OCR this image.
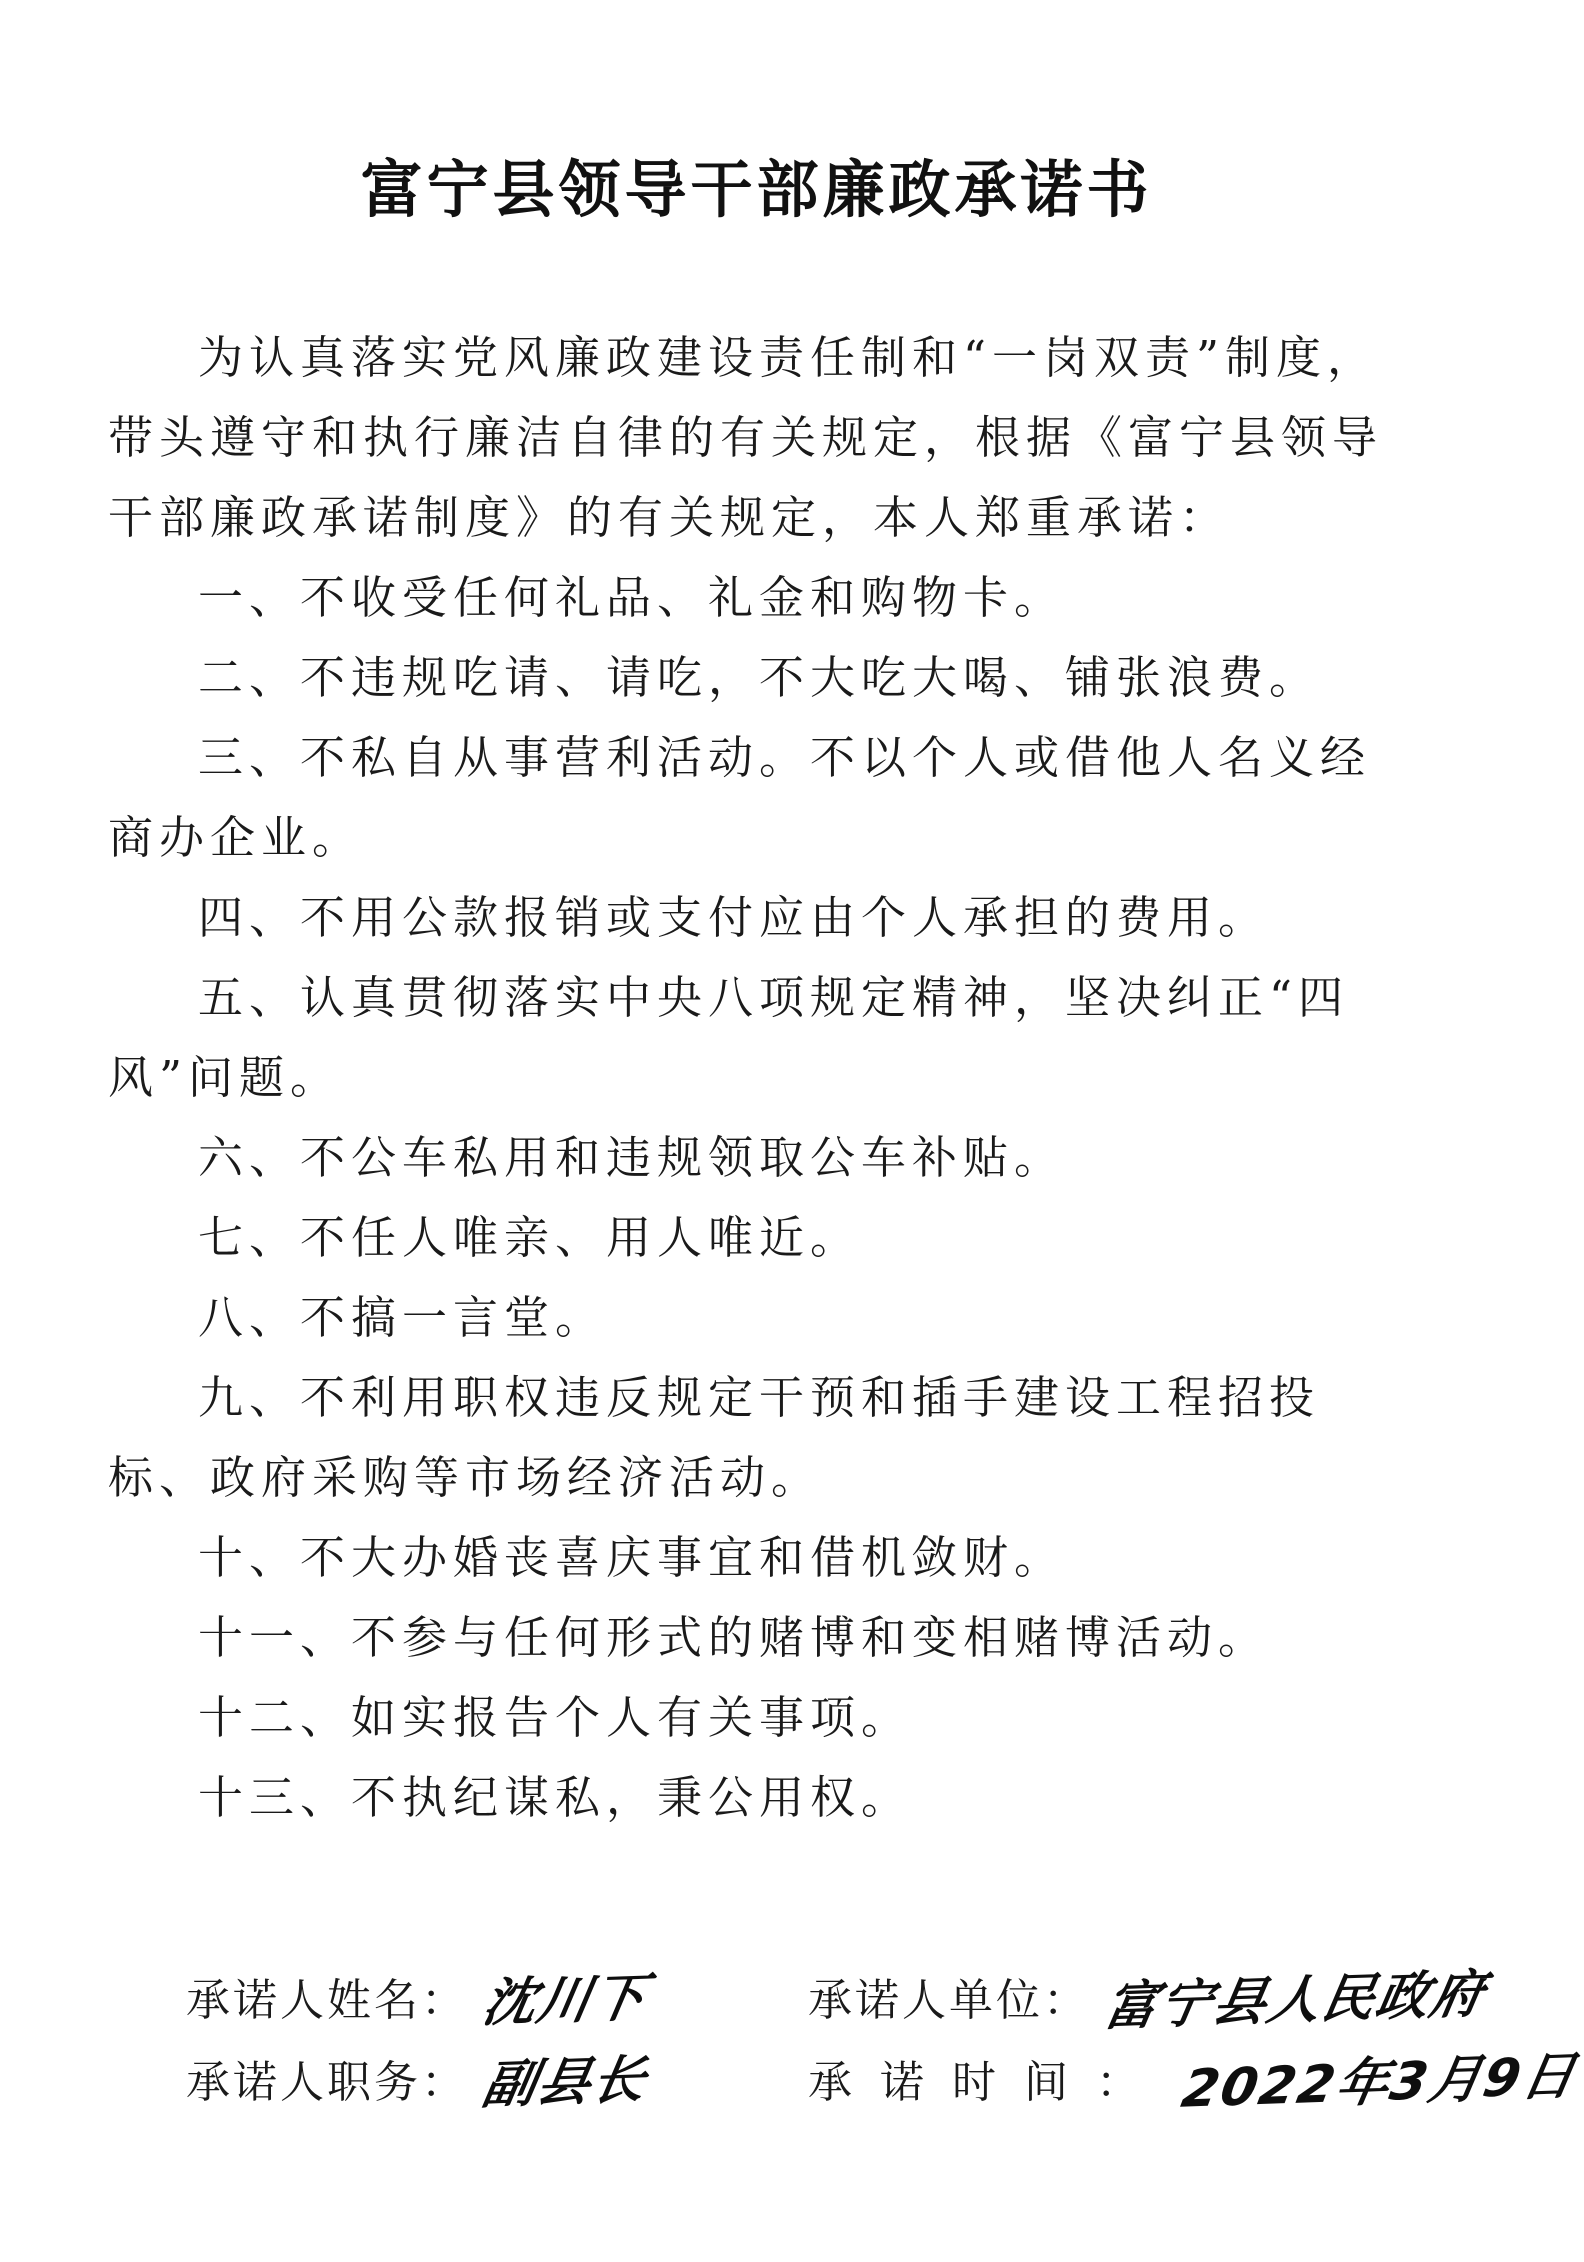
富宁县领导干部廉政承诺书

为认真落实党风廉政建设责任制和“一岗双责”制度，带头遵守和执行廉洁自律的有关规定，根据《富宁县领导干部廉政承诺制度》的有关规定，本人郑重承诺：

一、不收受任何礼品、礼金和购物卡。

二、不违规吃请、请吃，不大吃大喝、铺张浪费。

三、不私自从事营利活动。不以个人或借他人名义经商办企业。

四、不用公款报销或支付应由个人承担的费用。

五、认真贯彻落实中央八项规定精神，坚决纠正“四风”问题。

六、不公车私用和违规领取公车补贴。

七、不任人唯亲、用人唯近。

八、不搞一言堂。

九、不利用职权违反规定干预和插手建设工程招投标、政府采购等市场经济活动。

十、不大办婚丧喜庆事宜和借机敛财。

十一、不参与任何形式的赌博和变相赌博活动。

十二、如实报告个人有关事项。

十三、不执纪谋私，秉公用权。

承诺人姓名： 沈川下
承诺人职务： 副县长
承诺人单位： 富宁县人民政府
承诺时间： 2022年3月9日
